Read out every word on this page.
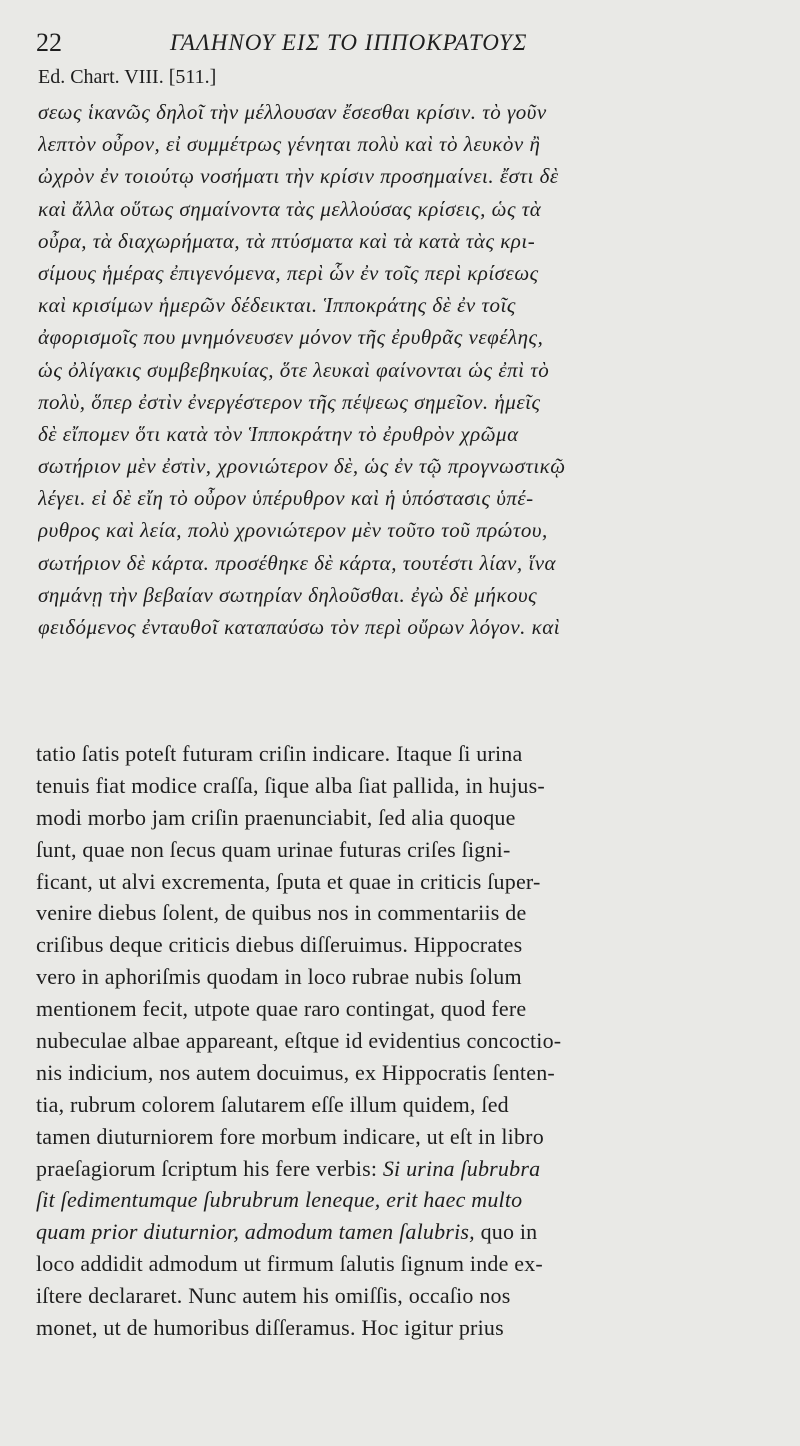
22	ΓΑΛΗΝΟΥ ΕΙΣ ΤΟ ΙΠΠΟΚΡΑΤΟΥΣ
Ed. Chart. VIII. [511.]
σεως ἱκανῶς δηλοῖ τὴν μέλλουσαν ἔσεσθαι κρίσιν. τὸ γοῦν
λεπτὸν οὖρον, εἰ συμμέτρως γένηται πολὺ καὶ τὸ λευκὸν ἢ
ὠχρὸν ἐν τοιούτῳ νοσήματι τὴν κρίσιν προσημαίνει. ἔστι δὲ
καὶ ἄλλα οὕτως σημαίνοντα τὰς μελλούσας κρίσεις, ὡς τὰ
οὖρα, τὰ διαχωρήματα, τὰ πτύσματα καὶ τὰ κατὰ τὰς κρι-
σίμους ἡμέρας ἐπιγενόμενα, περὶ ὧν ἐν τοῖς περὶ κρίσεως
καὶ κρισίμων ἡμερῶν δέδεικται. Ἱπποκράτης δὲ ἐν τοῖς
ἀφορισμοῖς που μνημόνευσεν μόνον τῆς ἐρυθρᾶς νεφέλης,
ὡς ὀλίγακις συμβεβηκυίας, ὅτε λευκαὶ φαίνονται ὡς ἐπὶ τὸ
πολὺ, ὅπερ ἐστὶν ἐνεργέστερον τῆς πέψεως σημεῖον. ἡμεῖς
δὲ εἴπομεν ὅτι κατὰ τὸν Ἱπποκράτην τὸ ἐρυθρὸν χρῶμα
σωτήριον μὲν ἐστὶν, χρονιώτερον δὲ, ὡς ἐν τῷ προγνωστικῷ
λέγει. εἰ δὲ εἴη τὸ οὖρον ὑπέρυθρον καὶ ἡ ὑπόστασις ὑπέ-
ρυθρος καὶ λεία, πολὺ χρονιώτερον μὲν τοῦτο τοῦ πρώτου,
σωτήριον δὲ κάρτα. προσέθηκε δὲ κάρτα, τουτέστι λίαν, ἵνα
σημάνῃ τὴν βεβαίαν σωτηρίαν δηλοῦσθαι. ἐγὼ δὲ μήκους
φειδόμενος ἐνταυθοῖ καταπαύσω τὸν περὶ οὔρων λόγον. καὶ
tatio ſatis poteſt futuram criſin indicare. Itaque ſi urina
tenuis fiat modice craſſa, ſique alba ſiat pallida, in hujus-
modi morbo jam criſin praenunciabit, ſed alia quoque
ſunt, quae non ſecus quam urinae futuras criſes ſigni-
ficant, ut alvi excrementa, ſputa et quae in criticis ſuper-
venire diebus ſolent, de quibus nos in commentariis de
criſibus deque criticis diebus diſſeruimus. Hippocrates
vero in aphoriſmis quodam in loco rubrae nubis ſolum
mentionem fecit, utpote quae raro contingat, quod fere
nubeculae albae appareant, eſtque id evidentius concoctio-
nis indicium, nos autem docuimus, ex Hippocratis ſenten-
tia, rubrum colorem ſalutarem eſſe illum quidem, ſed
tamen diuturniorem fore morbum indicare, ut eſt in libro
praeſagiorum ſcriptum his fere verbis: Si urina ſubrubra
ſit ſedimentumque ſubrubrum leneque, erit haec multo
quam prior diuturnior, admodum tamen ſalubris, quo in
loco addidit admodum ut firmum ſalutis ſignum inde ex-
iſtere declararet. Nunc autem his omiſſis, occaſio nos
monet, ut de humoribus diſſeramus. Hoc igitur prius
